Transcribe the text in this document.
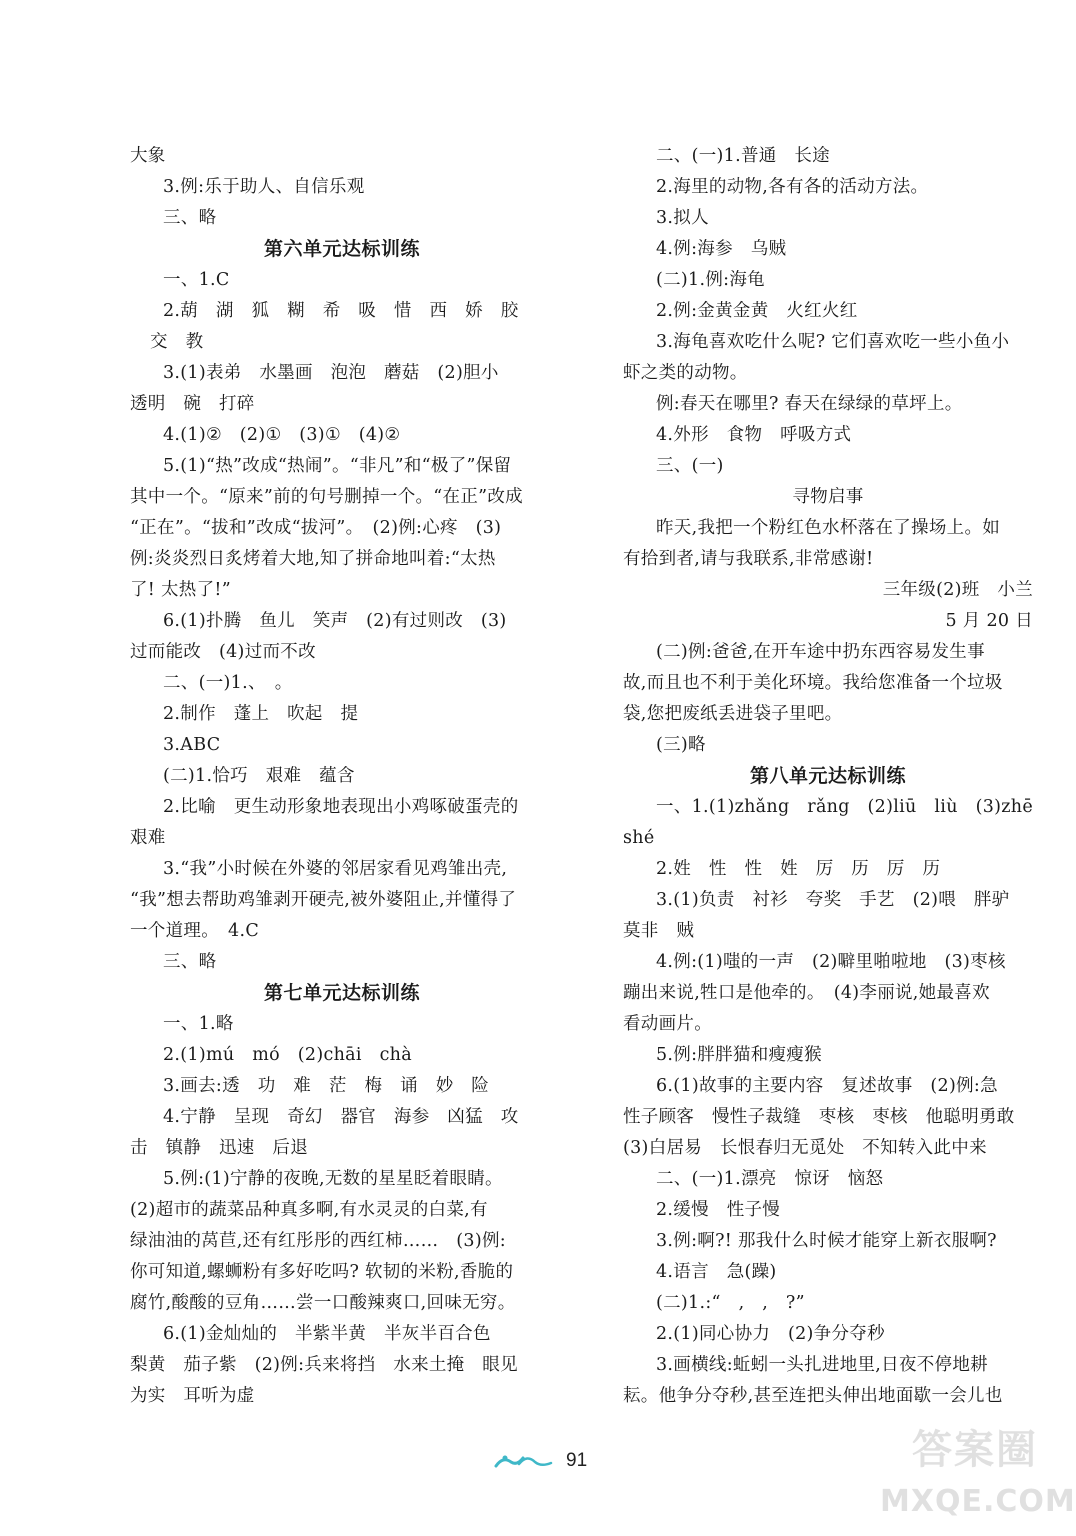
大象
3.例:乐于助人、自信乐观
三、略
第六单元达标训练
一、1.C
2.葫　湖　狐　糊　希　吸　惜　西　娇　胶
交　教
3.(1)表弟　水墨画　泡泡　蘑菇　(2)胆小
透明　碗　打碎
4.(1)②　(2)①　(3)①　(4)②
5.(1)“热”改成“热闹”。“非凡”和“极了”保留
其中一个。“原来”前的句号删掉一个。“在正”改成
“正在”。“拔和”改成“拔河”。　(2)例:心疼　(3)
例:炎炎烈日炙烤着大地,知了拼命地叫着:“太热
了! 太热了!”
6.(1)扑腾　鱼儿　笑声　(2)有过则改　(3)
过而能改　(4)过而不改
二、(一)1.、　。
2.制作　蓬上　吹起　提
3.ABC
(二)1.恰巧　艰难　蕴含
2.比喻　更生动形象地表现出小鸡啄破蛋壳的
艰难
3.“我”小时候在外婆的邻居家看见鸡雏出壳,
“我”想去帮助鸡雏剥开硬壳,被外婆阻止,并懂得了
一个道理。　4.C
三、略
第七单元达标训练
一、1.略
2.(1)mú　mó　(2)chāi　chà
3.画去:透　功　难　茫　梅　诵　妙　险
4.宁静　呈现　奇幻　器官　海参　凶猛　攻
击　镇静　迅速　后退
5.例:(1)宁静的夜晚,无数的星星眨着眼睛。
(2)超市的蔬菜品种真多啊,有水灵灵的白菜,有
绿油油的莴苣,还有红彤彤的西红柿……　(3)例:
你可知道,螺蛳粉有多好吃吗? 软韧的米粉,香脆的
腐竹,酸酸的豆角……尝一口酸辣爽口,回味无穷。
6.(1)金灿灿的　半紫半黄　半灰半百合色
梨黄　茄子紫　(2)例:兵来将挡　水来土掩　眼见
为实　耳听为虚
二、(一)1.普通　长途
2.海里的动物,各有各的活动方法。
3.拟人
4.例:海参　乌贼
(二)1.例:海龟
2.例:金黄金黄　火红火红
3.海龟喜欢吃什么呢? 它们喜欢吃一些小鱼小
虾之类的动物。
例:春天在哪里? 春天在绿绿的草坪上。
4.外形　食物　呼吸方式
三、(一)
寻物启事
昨天,我把一个粉红色水杯落在了操场上。如
有拾到者,请与我联系,非常感谢!
三年级(2)班　小兰
5 月 20 日　
(二)例:爸爸,在开车途中扔东西容易发生事
故,而且也不利于美化环境。我给您准备一个垃圾
袋,您把废纸丢进袋子里吧。
(三)略
第八单元达标训练
一、1.(1)zhǎng　rǎng　(2)liū　liù　(3)zhē
shé
2.姓　性　性　姓　厉　历　厉　历
3.(1)负责　衬衫　夸奖　手艺　(2)喂　胖驴
莫非　贼
4.例:(1)嗤的一声　(2)噼里啪啦地　(3)枣核
蹦出来说,牲口是他牵的。　(4)李丽说,她最喜欢
看动画片。
5.例:胖胖猫和瘦瘦猴
6.(1)故事的主要内容　复述故事　(2)例:急
性子顾客　慢性子裁缝　枣核　枣核　他聪明勇敢
(3)白居易　长恨春归无觅处　不知转入此中来
二、(一)1.漂亮　惊讶　恼怒
2.缓慢　性子慢
3.例:啊?! 那我什么时候才能穿上新衣服啊?
4.语言　急(躁)
(二)1.:“　,　,　?”
2.(1)同心协力　(2)争分夺秒
3.画横线:蚯蚓一头扎进地里,日夜不停地耕
耘。他争分夺秒,甚至连把头伸出地面歇一会儿也
91	答案圈
MXQE.COM
